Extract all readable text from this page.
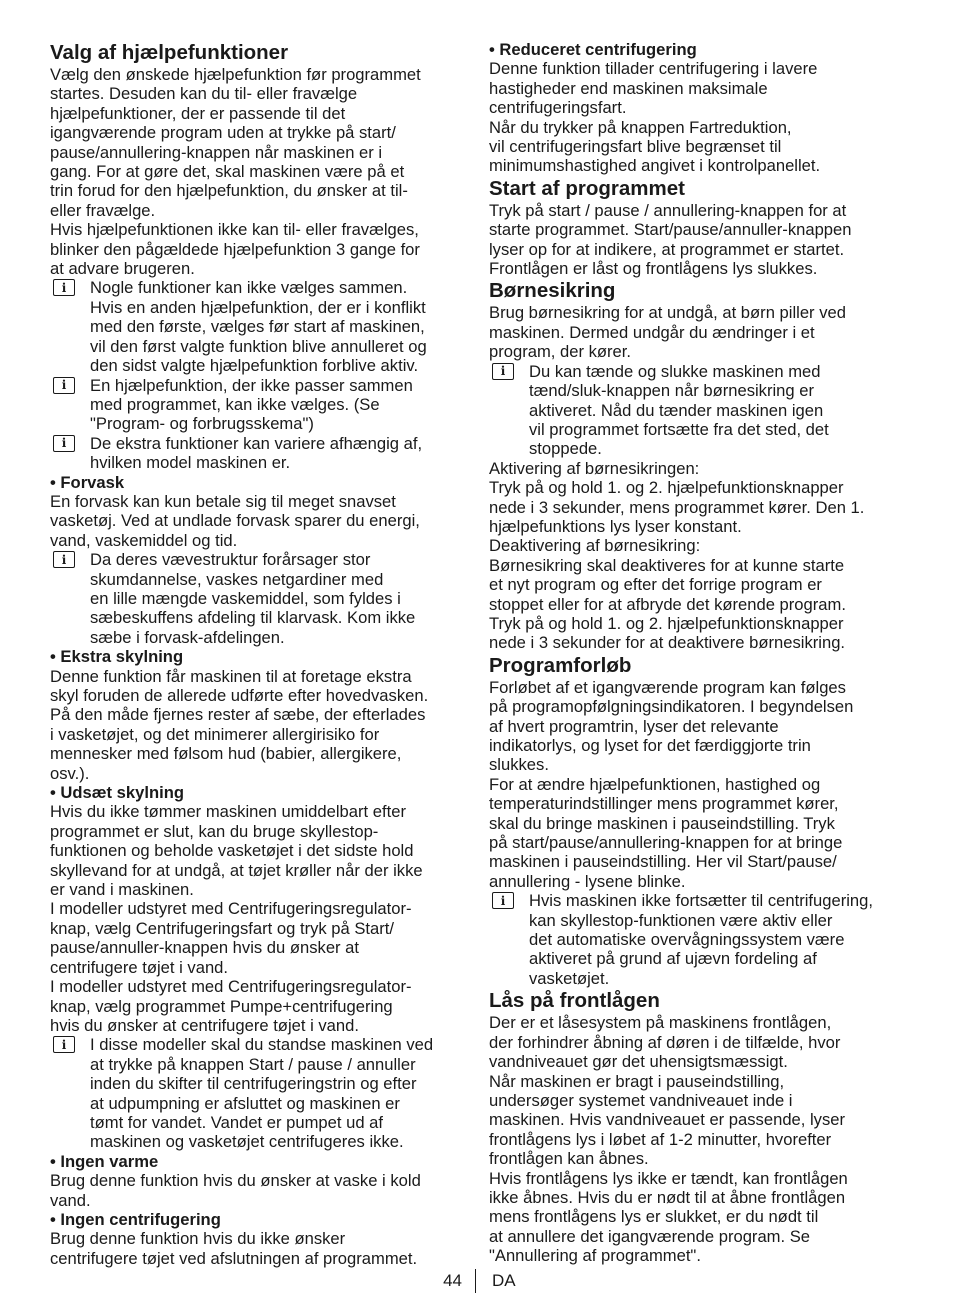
Valg af hjælpefunktioner

Vælg den ønskede hjælpefunktion før programmet
startes. Desuden kan du til- eller fravælge
hjælpefunktioner, der er passende til det
igangværende program uden at trykke på start/
pause/annullering-knappen når maskinen er i
gang. For at gøre det, skal maskinen være på et
trin forud for den hjælpefunktion, du ønsker at til-
eller fravælge.
Hvis hjælpefunktionen ikke kan til- eller fravælges,
blinker den pågældede hjælpefunktion 3 gange for
at advare brugeren.

i

Nogle funktioner kan ikke vælges sammen.
Hvis en anden hjælpefunktion, der er i konflikt
med den første, vælges før start af maskinen,
vil den først valgte funktion blive annulleret og
den sidst valgte hjælpefunktion forblive aktiv.

i

En hjælpefunktion, der ikke passer sammen
med programmet, kan ikke vælges. (Se
"Program- og forbrugsskema")

i

De ekstra funktioner kan variere afhængig af,
hvilken model maskinen er.

• Forvask

En forvask kan kun betale sig til meget snavset
vasketøj. Ved at undlade forvask sparer du energi,
vand, vaskemiddel og tid.

i

Da deres vævestruktur forårsager stor
skumdannelse, vaskes netgardiner med
en lille mængde vaskemiddel, som fyldes i
sæbeskuffens afdeling til klarvask. Kom ikke
sæbe i forvask-afdelingen.

• Ekstra skylning

Denne funktion får maskinen til at foretage ekstra
skyl foruden de allerede udførte efter hovedvasken.
På den måde fjernes rester af sæbe, der efterlades
i vasketøjet, og det minimerer allergirisiko for
mennesker med følsom hud (babier, allergikere,
osv.).

• Udsæt skylning

Hvis du ikke tømmer maskinen umiddelbart efter
programmet er slut, kan du bruge skyllestop-
funktionen og beholde vasketøjet i det sidste hold
skyllevand for at undgå, at tøjet krøller når der ikke
er vand i maskinen.
I modeller udstyret med Centrifugeringsregulator-
knap, vælg Centrifugeringsfart og tryk på Start/
pause/annuller-knappen hvis du ønsker at
centrifugere tøjet i vand.
I modeller udstyret med Centrifugeringsregulator-
knap, vælg programmet Pumpe+centrifugering
hvis du ønsker at centrifugere tøjet i vand.

i

I disse modeller skal du standse maskinen ved
at trykke på knappen Start / pause / annuller
inden du skifter til centrifugeringstrin og efter
at udpumpning er afsluttet og maskinen er
tømt for vandet. Vandet er pumpet ud af
maskinen og vasketøjet centrifugeres ikke.

• Ingen varme

Brug denne funktion hvis du ønsker at vaske i kold
vand.

• Ingen centrifugering

Brug denne funktion hvis du ikke ønsker
centrifugere tøjet ved afslutningen af programmet.

• Reduceret centrifugering

Denne funktion tillader centrifugering i lavere
hastigheder end maskinen maksimale
centrifugeringsfart.
Når du trykker på knappen Fartreduktion,
vil centrifugeringsfart blive begrænset til
minimumshastighed angivet i kontrolpanellet.

Start af programmet

Tryk på start / pause / annullering-knappen for at
starte programmet. Start/pause/annuller-knappen
lyser op for at indikere, at programmet er startet.
Frontlågen er låst og frontlågens lys slukkes.

Børnesikring

Brug børnesikring for at undgå, at børn piller ved
maskinen. Dermed undgår du ændringer i et
program, der kører.

i

Du kan tænde og slukke maskinen med
tænd/sluk-knappen når børnesikring er
aktiveret. Nåd du tænder maskinen igen
vil programmet fortsætte fra det sted, det
stoppede.

Aktivering af børnesikringen:
Tryk på og hold 1. og 2. hjælpefunktionsknapper
nede i 3 sekunder, mens programmet kører. Den 1.
hjælpefunktions lys lyser konstant.
Deaktivering af børnesikring:
Børnesikring skal deaktiveres for at kunne starte
et nyt program og efter det forrige program er
stoppet eller for at afbryde det kørende program.
Tryk på og hold 1. og 2. hjælpefunktionsknapper
nede i 3 sekunder for at deaktivere børnesikring.

Programforløb

Forløbet af et igangværende program kan følges
på programopfølgningsindikatoren. I begyndelsen
af hvert programtrin, lyser det relevante
indikatorlys, og lyset for det færdiggjorte trin
slukkes.
For at ændre hjælpefunktionen, hastighed og
temperaturindstillinger mens programmet kører,
skal du bringe maskinen i pauseindstilling. Tryk
på start/pause/annullering-knappen for at bringe
maskinen i pauseindstilling. Her vil Start/pause/
annullering - lysene blinke.

i

Hvis maskinen ikke fortsætter til centrifugering,
kan skyllestop-funktionen være aktiv eller
det automatiske overvågningssystem være
aktiveret på grund af ujævn fordeling af
vasketøjet.

Lås på frontlågen

Der er et låsesystem på maskinens frontlågen,
der forhindrer åbning af døren i de tilfælde, hvor
vandniveauet gør det uhensigtsmæssigt.
Når maskinen er bragt i pauseindstilling,
undersøger systemet vandniveauet inde i
maskinen. Hvis vandniveauet er passende, lyser
frontlågens lys i løbet af 1-2 minutter, hvorefter
frontlågen kan åbnes.
Hvis frontlågens lys ikke er tændt, kan frontlågen
ikke åbnes. Hvis du er nødt til at åbne frontlågen
mens frontlågens lys er slukket, er du nødt til
at annullere det igangværende program. Se
"Annullering af programmet".

44 DA
